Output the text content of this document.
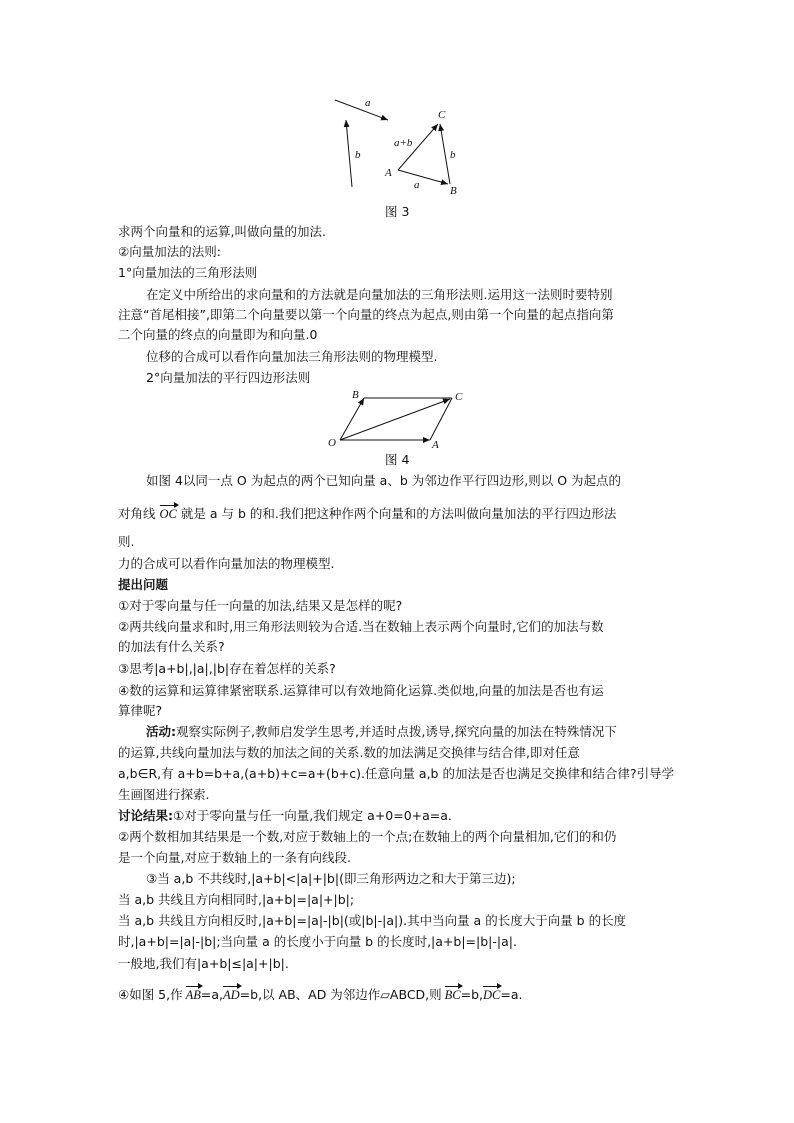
a
b
a+b
A
B
C
b
a
图 3
求两个向量和的运算,叫做向量的加法.
②向量加法的法则:
1°向量加法的三角形法则
在定义中所给出的求向量和的方法就是向量加法的三角形法则.运用这一法则时要特别
注意“首尾相接”,即第二个向量要以第一个向量的终点为起点,则由第一个向量的起点指向第
二个向量的终点的向量即为和向量.0
位移的合成可以看作向量加法三角形法则的物理模型.
2°向量加法的平行四边形法则
O	A
B	C
图 4
如图 4以同一点 O 为起点的两个已知向量 a、b 为邻边作平行四边形,则以 O 为起点的
对角线 OC 就是 a 与 b 的和.我们把这种作两个向量和的方法叫做向量加法的平行四边形法
则.
力的合成可以看作向量加法的物理模型.
提出问题
①对于零向量与任一向量的加法,结果又是怎样的呢?
②两共线向量求和时,用三角形法则较为合适.当在数轴上表示两个向量时,它们的加法与数
的加法有什么关系?
③思考|a+b|,|a|,|b|存在着怎样的关系?
④数的运算和运算律紧密联系.运算律可以有效地简化运算.类似地,向量的加法是否也有运
算律呢?
活动:观察实际例子,教师启发学生思考,并适时点拨,诱导,探究向量的加法在特殊情况下
的运算,共线向量加法与数的加法之间的关系.数的加法满足交换律与结合律,即对任意
a,b∈R,有 a+b=b+a,(a+b)+c=a+(b+c).任意向量 a,b 的加法是否也满足交换律和结合律?引导学
生画图进行探索.
讨论结果:①对于零向量与任一向量,我们规定 a+0=0+a=a.
②两个数相加其结果是一个数,对应于数轴上的一个点;在数轴上的两个向量相加,它们的和仍
是一个向量,对应于数轴上的一条有向线段.
③当 a,b 不共线时,|a+b|<|a|+|b|(即三角形两边之和大于第三边);
当 a,b 共线且方向相同时,|a+b|=|a|+|b|;
当 a,b 共线且方向相反时,|a+b|=|a|-|b|(或|b|-|a|).其中当向量 a 的长度大于向量 b 的长度
时,|a+b|=|a|-|b|;当向量 a 的长度小于向量 b 的长度时,|a+b|=|b|-|a|.
一般地,我们有|a+b|≤|a|+|b|.
④如图 5,作 AB=a,AD=b,以 AB、AD 为邻边作▱ABCD,则 BC=b,DC=a.
